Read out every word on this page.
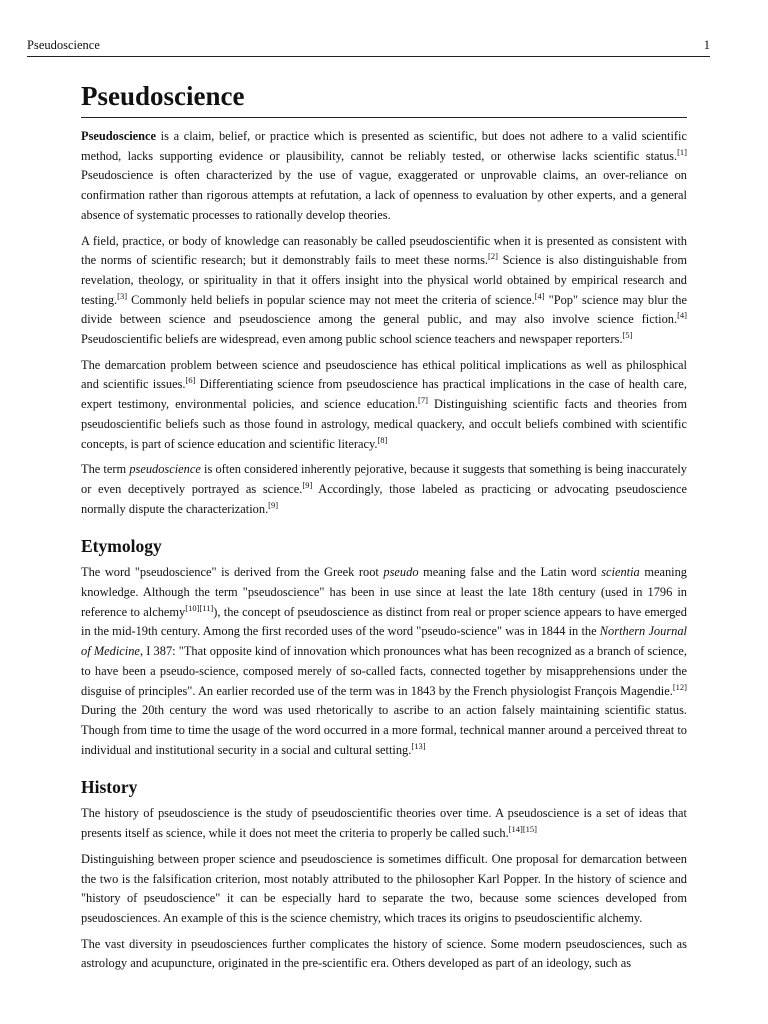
Pseudoscience	1
Pseudoscience

Pseudoscience is a claim, belief, or practice which is presented as scientific, but does not adhere to a valid scientific method, lacks supporting evidence or plausibility, cannot be reliably tested, or otherwise lacks scientific status.[1] Pseudoscience is often characterized by the use of vague, exaggerated or unprovable claims, an over-reliance on confirmation rather than rigorous attempts at refutation, a lack of openness to evaluation by other experts, and a general absence of systematic processes to rationally develop theories.

A field, practice, or body of knowledge can reasonably be called pseudoscientific when it is presented as consistent with the norms of scientific research; but it demonstrably fails to meet these norms.[2] Science is also distinguishable from revelation, theology, or spirituality in that it offers insight into the physical world obtained by empirical research and testing.[3] Commonly held beliefs in popular science may not meet the criteria of science.[4] "Pop" science may blur the divide between science and pseudoscience among the general public, and may also involve science fiction.[4] Pseudoscientific beliefs are widespread, even among public school science teachers and newspaper reporters.[5]

The demarcation problem between science and pseudoscience has ethical political implications as well as philosphical and scientific issues.[6] Differentiating science from pseudoscience has practical implications in the case of health care, expert testimony, environmental policies, and science education.[7] Distinguishing scientific facts and theories from pseudoscientific beliefs such as those found in astrology, medical quackery, and occult beliefs combined with scientific concepts, is part of science education and scientific literacy.[8]

The term pseudoscience is often considered inherently pejorative, because it suggests that something is being inaccurately or even deceptively portrayed as science.[9] Accordingly, those labeled as practicing or advocating pseudoscience normally dispute the characterization.[9]

Etymology

The word "pseudoscience" is derived from the Greek root pseudo meaning false and the Latin word scientia meaning knowledge. Although the term "pseudoscience" has been in use since at least the late 18th century (used in 1796 in reference to alchemy[10][11]), the concept of pseudoscience as distinct from real or proper science appears to have emerged in the mid-19th century. Among the first recorded uses of the word "pseudo-science" was in 1844 in the Northern Journal of Medicine, I 387: "That opposite kind of innovation which pronounces what has been recognized as a branch of science, to have been a pseudo-science, composed merely of so-called facts, connected together by misapprehensions under the disguise of principles". An earlier recorded use of the term was in 1843 by the French physiologist François Magendie.[12] During the 20th century the word was used rhetorically to ascribe to an action falsely maintaining scientific status. Though from time to time the usage of the word occurred in a more formal, technical manner around a perceived threat to individual and institutional security in a social and cultural setting.[13]

History

The history of pseudoscience is the study of pseudoscientific theories over time. A pseudoscience is a set of ideas that presents itself as science, while it does not meet the criteria to properly be called such.[14][15]

Distinguishing between proper science and pseudoscience is sometimes difficult. One proposal for demarcation between the two is the falsification criterion, most notably attributed to the philosopher Karl Popper. In the history of science and "history of pseudoscience" it can be especially hard to separate the two, because some sciences developed from pseudosciences. An example of this is the science chemistry, which traces its origins to pseudoscientific alchemy.

The vast diversity in pseudosciences further complicates the history of science. Some modern pseudosciences, such as astrology and acupuncture, originated in the pre-scientific era. Others developed as part of an ideology, such as
